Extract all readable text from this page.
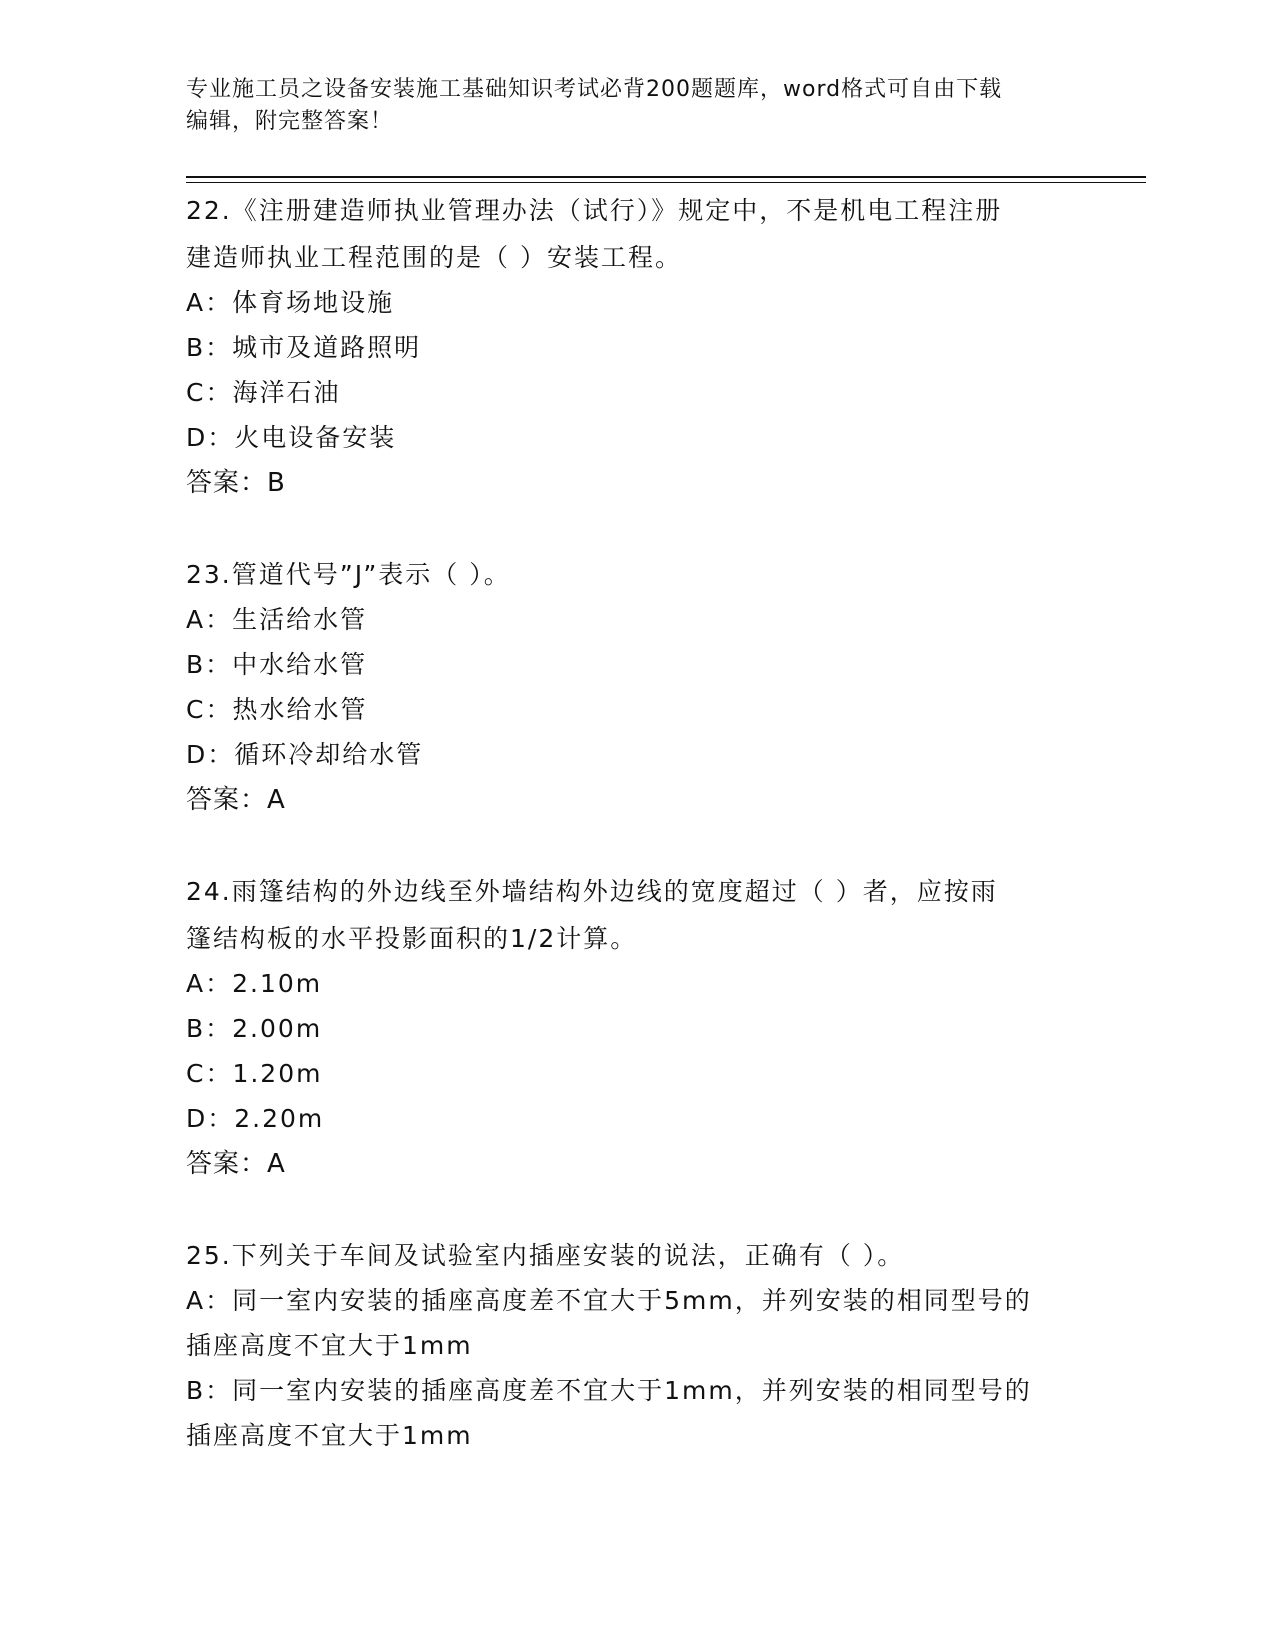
专业施工员之设备安装施工基础知识考试必背200题题库，word格式可自由下载
编辑，附完整答案！
22.《注册建造师执业管理办法（试行）》规定中，不是机电工程注册
建造师执业工程范围的是（ ）安装工程。
A：体育场地设施
B：城市及道路照明
C：海洋石油
D：火电设备安装
答案：B
23.管道代号”J”表示（ ）。
A：生活给水管
B：中水给水管
C：热水给水管
D：循环冷却给水管
答案：A
24.雨篷结构的外边线至外墙结构外边线的宽度超过（ ）者，应按雨
篷结构板的水平投影面积的1/2计算。
A：2.10m
B：2.00m
C：1.20m
D：2.20m
答案：A
25.下列关于车间及试验室内插座安装的说法，正确有（ ）。
A：同一室内安装的插座高度差不宜大于5mm，并列安装的相同型号的
插座高度不宜大于1mm
B：同一室内安装的插座高度差不宜大于1mm，并列安装的相同型号的
插座高度不宜大于1mm
